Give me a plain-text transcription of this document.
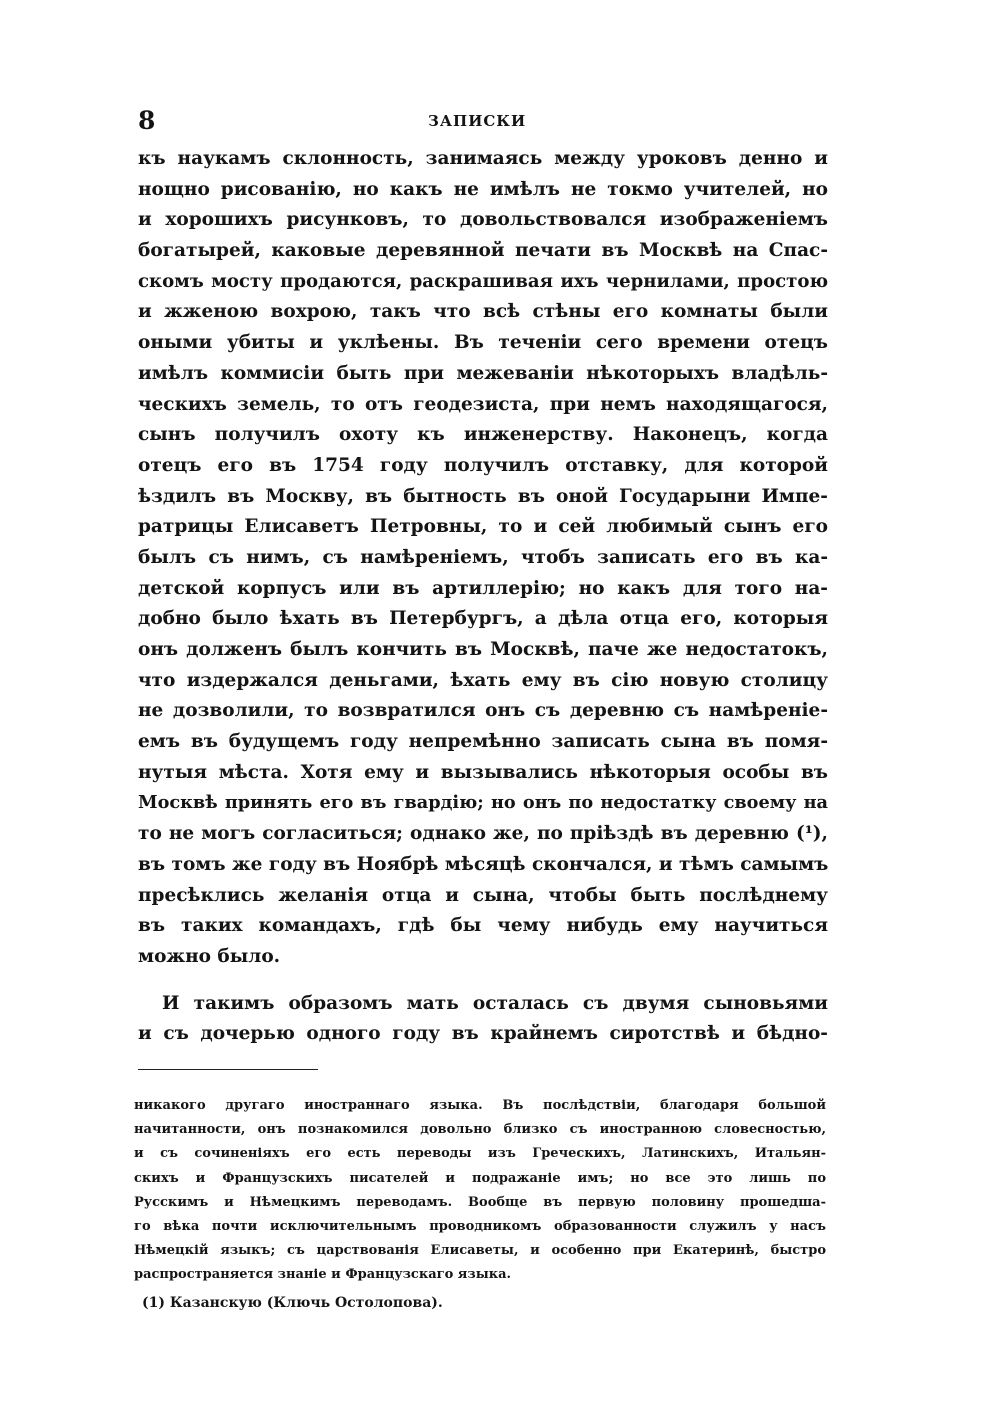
8	ЗАПИСКИ
къ наукамъ склонность, занимаясь между уроковъ денно и
нощно рисованію, но какъ не имѣлъ не токмо учителей, но
и хорошихъ рисунковъ, то довольствовался изображеніемъ
богатырей, каковые деревянной печати въ Москвѣ на Спас-
скомъ мосту продаются, раскрашивая ихъ чернилами, простою
и жженою вохрою, такъ что всѣ стѣны его комнаты были
оными убиты и уклѣены. Въ теченіи сего времени отецъ
имѣлъ коммисіи быть при межеваніи нѣкоторыхъ владѣль-
ческихъ земель, то отъ геодезиста, при немъ находящагося,
сынъ получилъ охоту къ инженерству. Наконецъ, когда
отецъ его въ 1754 году получилъ отставку, для которой
ѣздилъ въ Москву, въ бытность въ оной Государыни Импе-
ратрицы Елисаветъ Петровны, то и сей любимый сынъ его
былъ съ нимъ, съ намѣреніемъ, чтобъ записать его въ ка-
детской корпусъ или въ артиллерію; но какъ для того на-
добно было ѣхать въ Петербургъ, а дѣла отца его, которыя
онъ долженъ былъ кончить въ Москвѣ, паче же недостатокъ,
что издержался деньгами, ѣхать ему въ сію новую столицу
не дозволили, то возвратился онъ съ деревню съ намѣреніе-
емъ въ будущемъ году непремѣнно записать сына въ помя-
нутыя мѣста. Хотя ему и вызывались нѣкоторыя особы въ
Москвѣ принять его въ гвардію; но онъ по недостатку своему на
то не могъ согласиться; однако же, по пріѣздѣ въ деревню (¹),
въ томъ же году въ Ноябрѣ мѣсяцѣ скончался, и тѣмъ самымъ
пресѣклись желанія отца и сына, чтобы быть послѣднему
въ таких командахъ, гдѣ бы чему нибудь ему научиться
можно было.
И такимъ образомъ мать осталась съ двумя сыновьями
и съ дочерью одного году въ крайнемъ сиротствѣ и бѣдно-
никакого другаго иностраннаго языка. Въ послѣдствіи, благодаря большой
начитанности, онъ познакомился довольно близко съ иностранною словесностью,
и съ сочиненіяхъ его есть переводы изъ Греческихъ, Латинскихъ, Итальян-
скихъ и Французскихъ писателей и подражаніе имъ; но все это лишь по
Русскимъ и Нѣмецкимъ переводамъ. Вообще въ первую половину прошедша-
го вѣка почти исключительнымъ проводникомъ образованности служилъ у насъ
Нѣмецкій языкъ; съ царствованія Елисаветы, и особенно при Екатеринѣ, быстро
распространяется знаніе и Французскаго языка.
(1) Казанскую (Ключь Остолопова).
